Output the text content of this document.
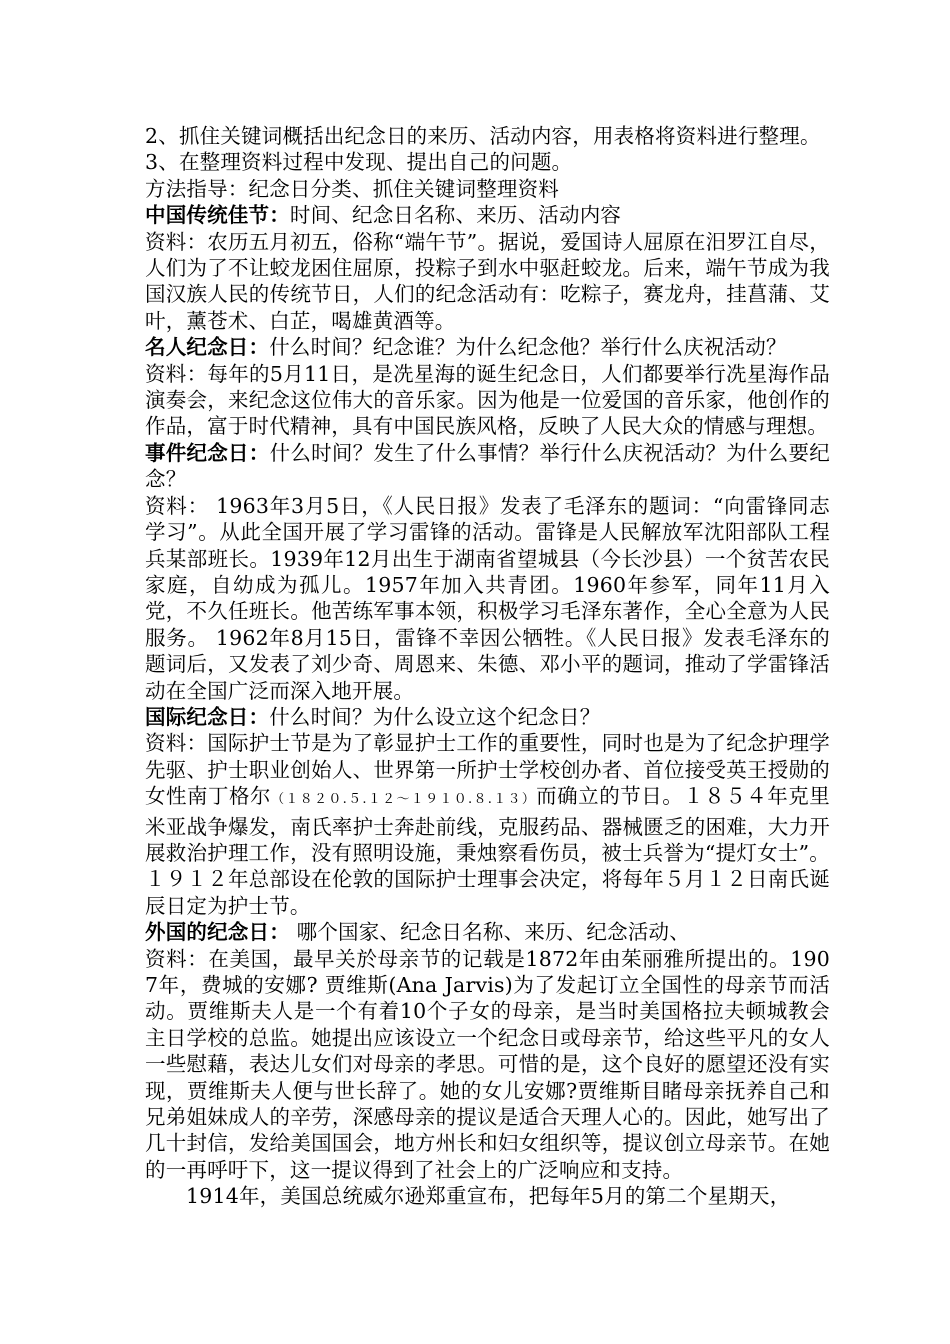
2、抓住关键词概括出纪念日的来历、活动内容，用表格将资料进行整理。
3、在整理资料过程中发现、提出自己的问题。
方法指导：纪念日分类、抓住关键词整理资料
中国传统佳节：时间、纪念日名称、来历、活动内容
资料：农历五月初五，俗称“端午节”。据说，爱国诗人屈原在汨罗江自尽，人们为了不让蛟龙困住屈原，投粽子到水中驱赶蛟龙。后来，端午节成为我国汉族人民的传统节日，人们的纪念活动有：吃粽子，赛龙舟，挂菖蒲、艾叶，薰苍术、白芷，喝雄黄酒等。
名人纪念日：什么时间？纪念谁？为什么纪念他？举行什么庆祝活动？
资料：每年的5月11日，是冼星海的诞生纪念日，人们都要举行冼星海作品演奏会，来纪念这位伟大的音乐家。因为他是一位爱国的音乐家，他创作的作品，富于时代精神，具有中国民族风格，反映了人民大众的情感与理想。
事件纪念日：什么时间？发生了什么事情？举行什么庆祝活动？为什么要纪念？
资料： 1963年3月5日，《人民日报》发表了毛泽东的题词：“向雷锋同志学习”。从此全国开展了学习雷锋的活动。雷锋是人民解放军沈阳部队工程兵某部班长。1939年12月出生于湖南省望城县（今长沙县）一个贫苦农民家庭，自幼成为孤儿。1957年加入共青团。1960年参军，同年11月入党，不久任班长。他苦练军事本领，积极学习毛泽东著作，全心全意为人民服务。 1962年8月15日，雷锋不幸因公牺牲。《人民日报》发表毛泽东的题词后，又发表了刘少奇、周恩来、朱德、邓小平的题词，推动了学雷锋活动在全国广泛而深入地开展。
国际纪念日：什么时间？为什么设立这个纪念日？
资料：国际护士节是为了彰显护士工作的重要性，同时也是为了纪念护理学先驱、护士职业创始人、世界第一所护士学校创办者、首位接受英王授勋的女性南丁格尔（１８２０.５.１２～１９１０.８.１３）而确立的节日。１８５４年克里米亚战争爆发，南氏率护士奔赴前线，克服药品、器械匮乏的困难，大力开展救治护理工作，没有照明设施，秉烛察看伤员，被士兵誉为“提灯女士”。１９１２年总部设在伦敦的国际护士理事会决定，将每年５月１２日南氏诞辰日定为护士节。
外国的纪念日： 哪个国家、纪念日名称、来历、纪念活动、
资料：在美国，最早关於母亲节的记载是1872年由茱丽雅所提出的。1907年，费城的安娜? 贾维斯(Ana Jarvis)为了发起订立全国性的母亲节而活动。贾维斯夫人是一个有着10个子女的母亲，是当时美国格拉夫顿城教会主日学校的总监。她提出应该设立一个纪念日或母亲节，给这些平凡的女人一些慰藉，表达儿女们对母亲的孝思。可惜的是，这个良好的愿望还没有实现，贾维斯夫人便与世长辞了。她的女儿安娜?贾维斯目睹母亲抚养自己和兄弟姐妹成人的辛劳，深感母亲的提议是适合天理人心的。因此，她写出了几十封信，发给美国国会，地方州长和妇女组织等，提议创立母亲节。在她的一再呼吁下，这一提议得到了社会上的广泛响应和支持。
1914年，美国总统威尔逊郑重宣布，把每年5月的第二个星期天，
